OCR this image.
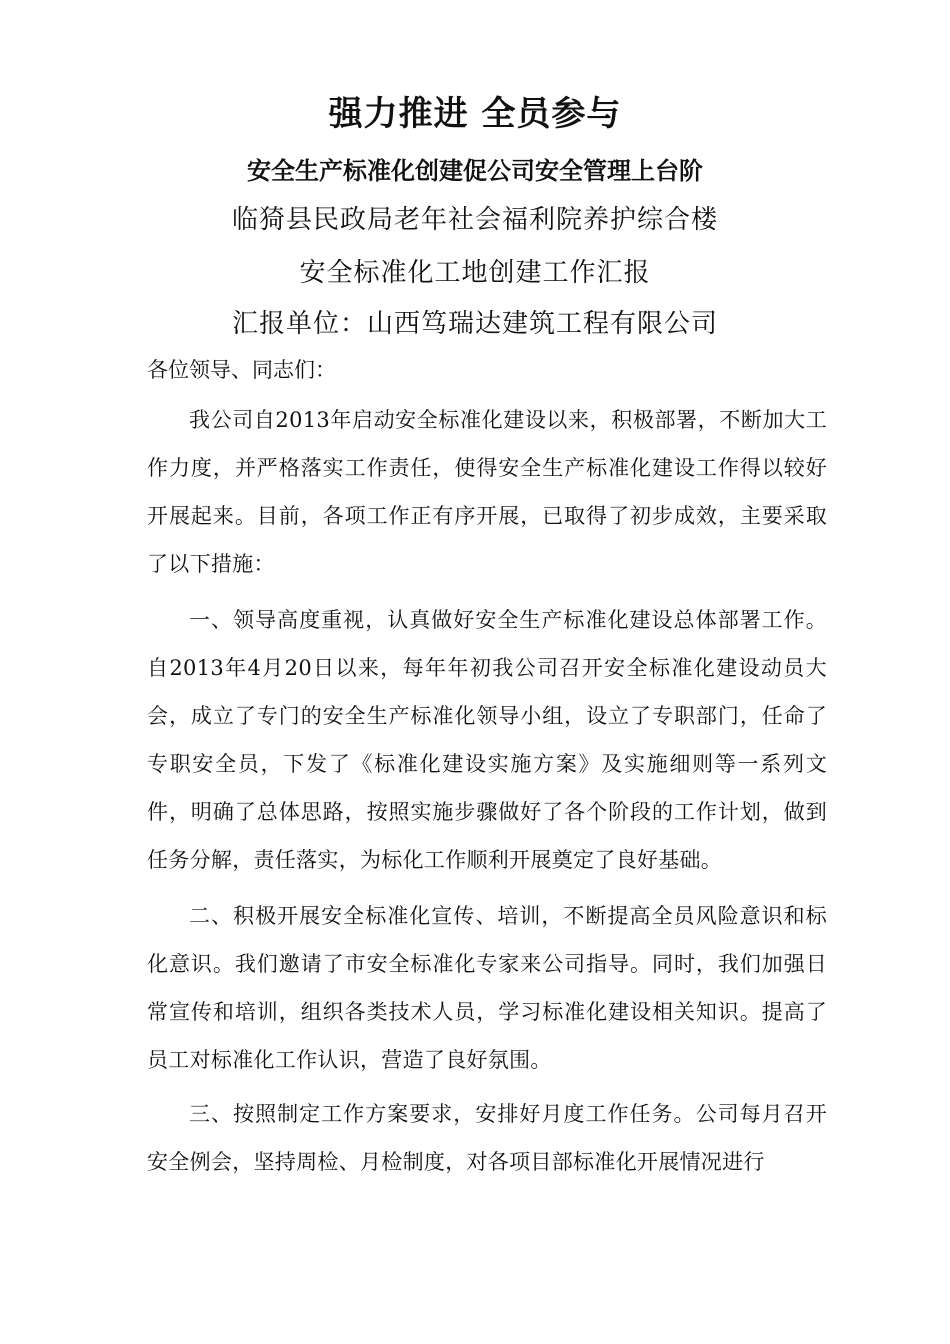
强力推进 全员参与
安全生产标准化创建促公司安全管理上台阶
临猗县民政局老年社会福利院养护综合楼
安全标准化工地创建工作汇报
汇报单位：山西笃瑞达建筑工程有限公司
各位领导、同志们：
我公司自2013年启动安全标准化建设以来，积极部署，不断加大工作力度，并严格落实工作责任，使得安全生产标准化建设工作得以较好开展起来。目前，各项工作正有序开展，已取得了初步成效，主要采取了以下措施：
一、领导高度重视，认真做好安全生产标准化建设总体部署工作。自2013年4月20日以来，每年年初我公司召开安全标准化建设动员大会，成立了专门的安全生产标准化领导小组，设立了专职部门，任命了专职安全员，下发了《标准化建设实施方案》及实施细则等一系列文件，明确了总体思路，按照实施步骤做好了各个阶段的工作计划，做到任务分解，责任落实，为标化工作顺利开展奠定了良好基础。
二、积极开展安全标准化宣传、培训，不断提高全员风险意识和标化意识。我们邀请了市安全标准化专家来公司指导。同时，我们加强日常宣传和培训，组织各类技术人员，学习标准化建设相关知识。提高了员工对标准化工作认识，营造了良好氛围。
三、按照制定工作方案要求，安排好月度工作任务。公司每月召开安全例会，坚持周检、月检制度，对各项目部标准化开展情况进行
